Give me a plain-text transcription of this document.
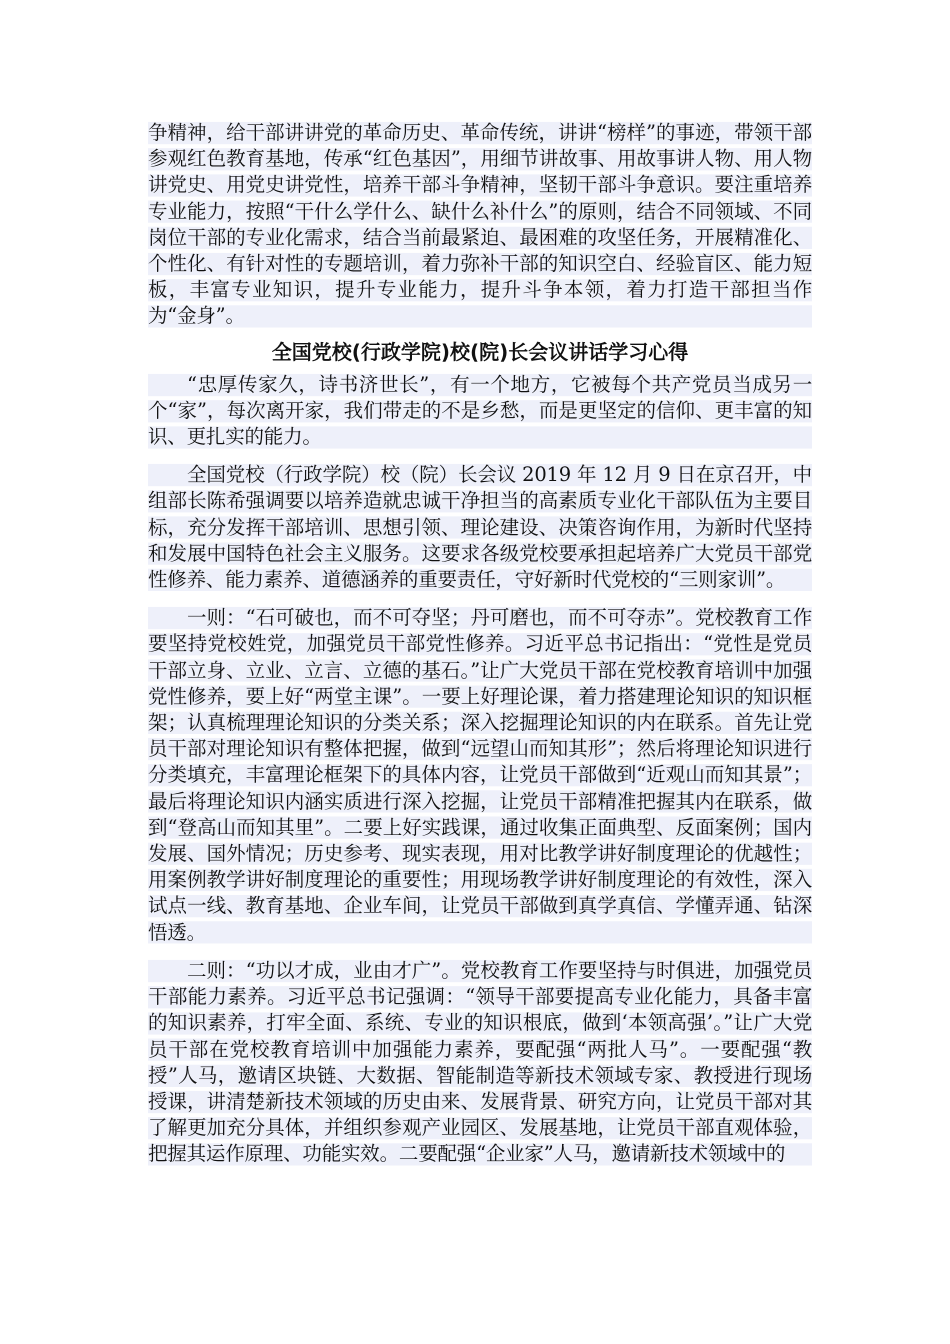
争精神，给干部讲讲党的革命历史、革命传统，讲讲“榜样”的事迹，带领干部参观红色教育基地，传承“红色基因”，用细节讲故事、用故事讲人物、用人物讲党史、用党史讲党性，培养干部斗争精神，坚韧干部斗争意识。要注重培养专业能力，按照“干什么学什么、缺什么补什么”的原则，结合不同领域、不同岗位干部的专业化需求，结合当前最紧迫、最困难的攻坚任务，开展精准化、个性化、有针对性的专题培训，着力弥补干部的知识空白、经验盲区、能力短板，丰富专业知识，提升专业能力，提升斗争本领，着力打造干部担当作为“金身”。

全国党校(行政学院)校(院)长会议讲话学习心得

“忠厚传家久，诗书济世长”，有一个地方，它被每个共产党员当成另一个“家”，每次离开家，我们带走的不是乡愁，而是更坚定的信仰、更丰富的知识、更扎实的能力。

全国党校（行政学院）校（院）长会议 2019 年 12 月 9 日在京召开，中组部长陈希强调要以培养造就忠诚干净担当的高素质专业化干部队伍为主要目标，充分发挥干部培训、思想引领、理论建设、决策咨询作用，为新时代坚持和发展中国特色社会主义服务。这要求各级党校要承担起培养广大党员干部党性修养、能力素养、道德涵养的重要责任，守好新时代党校的“三则家训”。

一则：“石可破也，而不可夺坚；丹可磨也，而不可夺赤”。党校教育工作要坚持党校姓党，加强党员干部党性修养。习近平总书记指出：“党性是党员干部立身、立业、立言、立德的基石。”让广大党员干部在党校教育培训中加强党性修养，要上好“两堂主课”。一要上好理论课，着力搭建理论知识的知识框架；认真梳理理论知识的分类关系；深入挖掘理论知识的内在联系。首先让党员干部对理论知识有整体把握，做到“远望山而知其形”；然后将理论知识进行分类填充，丰富理论框架下的具体内容，让党员干部做到“近观山而知其景”；最后将理论知识内涵实质进行深入挖掘，让党员干部精准把握其内在联系，做到“登高山而知其里”。二要上好实践课，通过收集正面典型、反面案例；国内发展、国外情况；历史参考、现实表现，用对比教学讲好制度理论的优越性；用案例教学讲好制度理论的重要性；用现场教学讲好制度理论的有效性，深入试点一线、教育基地、企业车间，让党员干部做到真学真信、学懂弄通、钻深悟透。

二则：“功以才成，业由才广”。党校教育工作要坚持与时俱进，加强党员干部能力素养。习近平总书记强调：“领导干部要提高专业化能力，具备丰富的知识素养，打牢全面、系统、专业的知识根底，做到‘本领高强’。”让广大党员干部在党校教育培训中加强能力素养，要配强“两批人马”。一要配强“教授”人马，邀请区块链、大数据、智能制造等新技术领域专家、教授进行现场授课，讲清楚新技术领域的历史由来、发展背景、研究方向，让党员干部对其了解更加充分具体，并组织参观产业园区、发展基地，让党员干部直观体验，把握其运作原理、功能实效。二要配强“企业家”人马，邀请新技术领域中的
